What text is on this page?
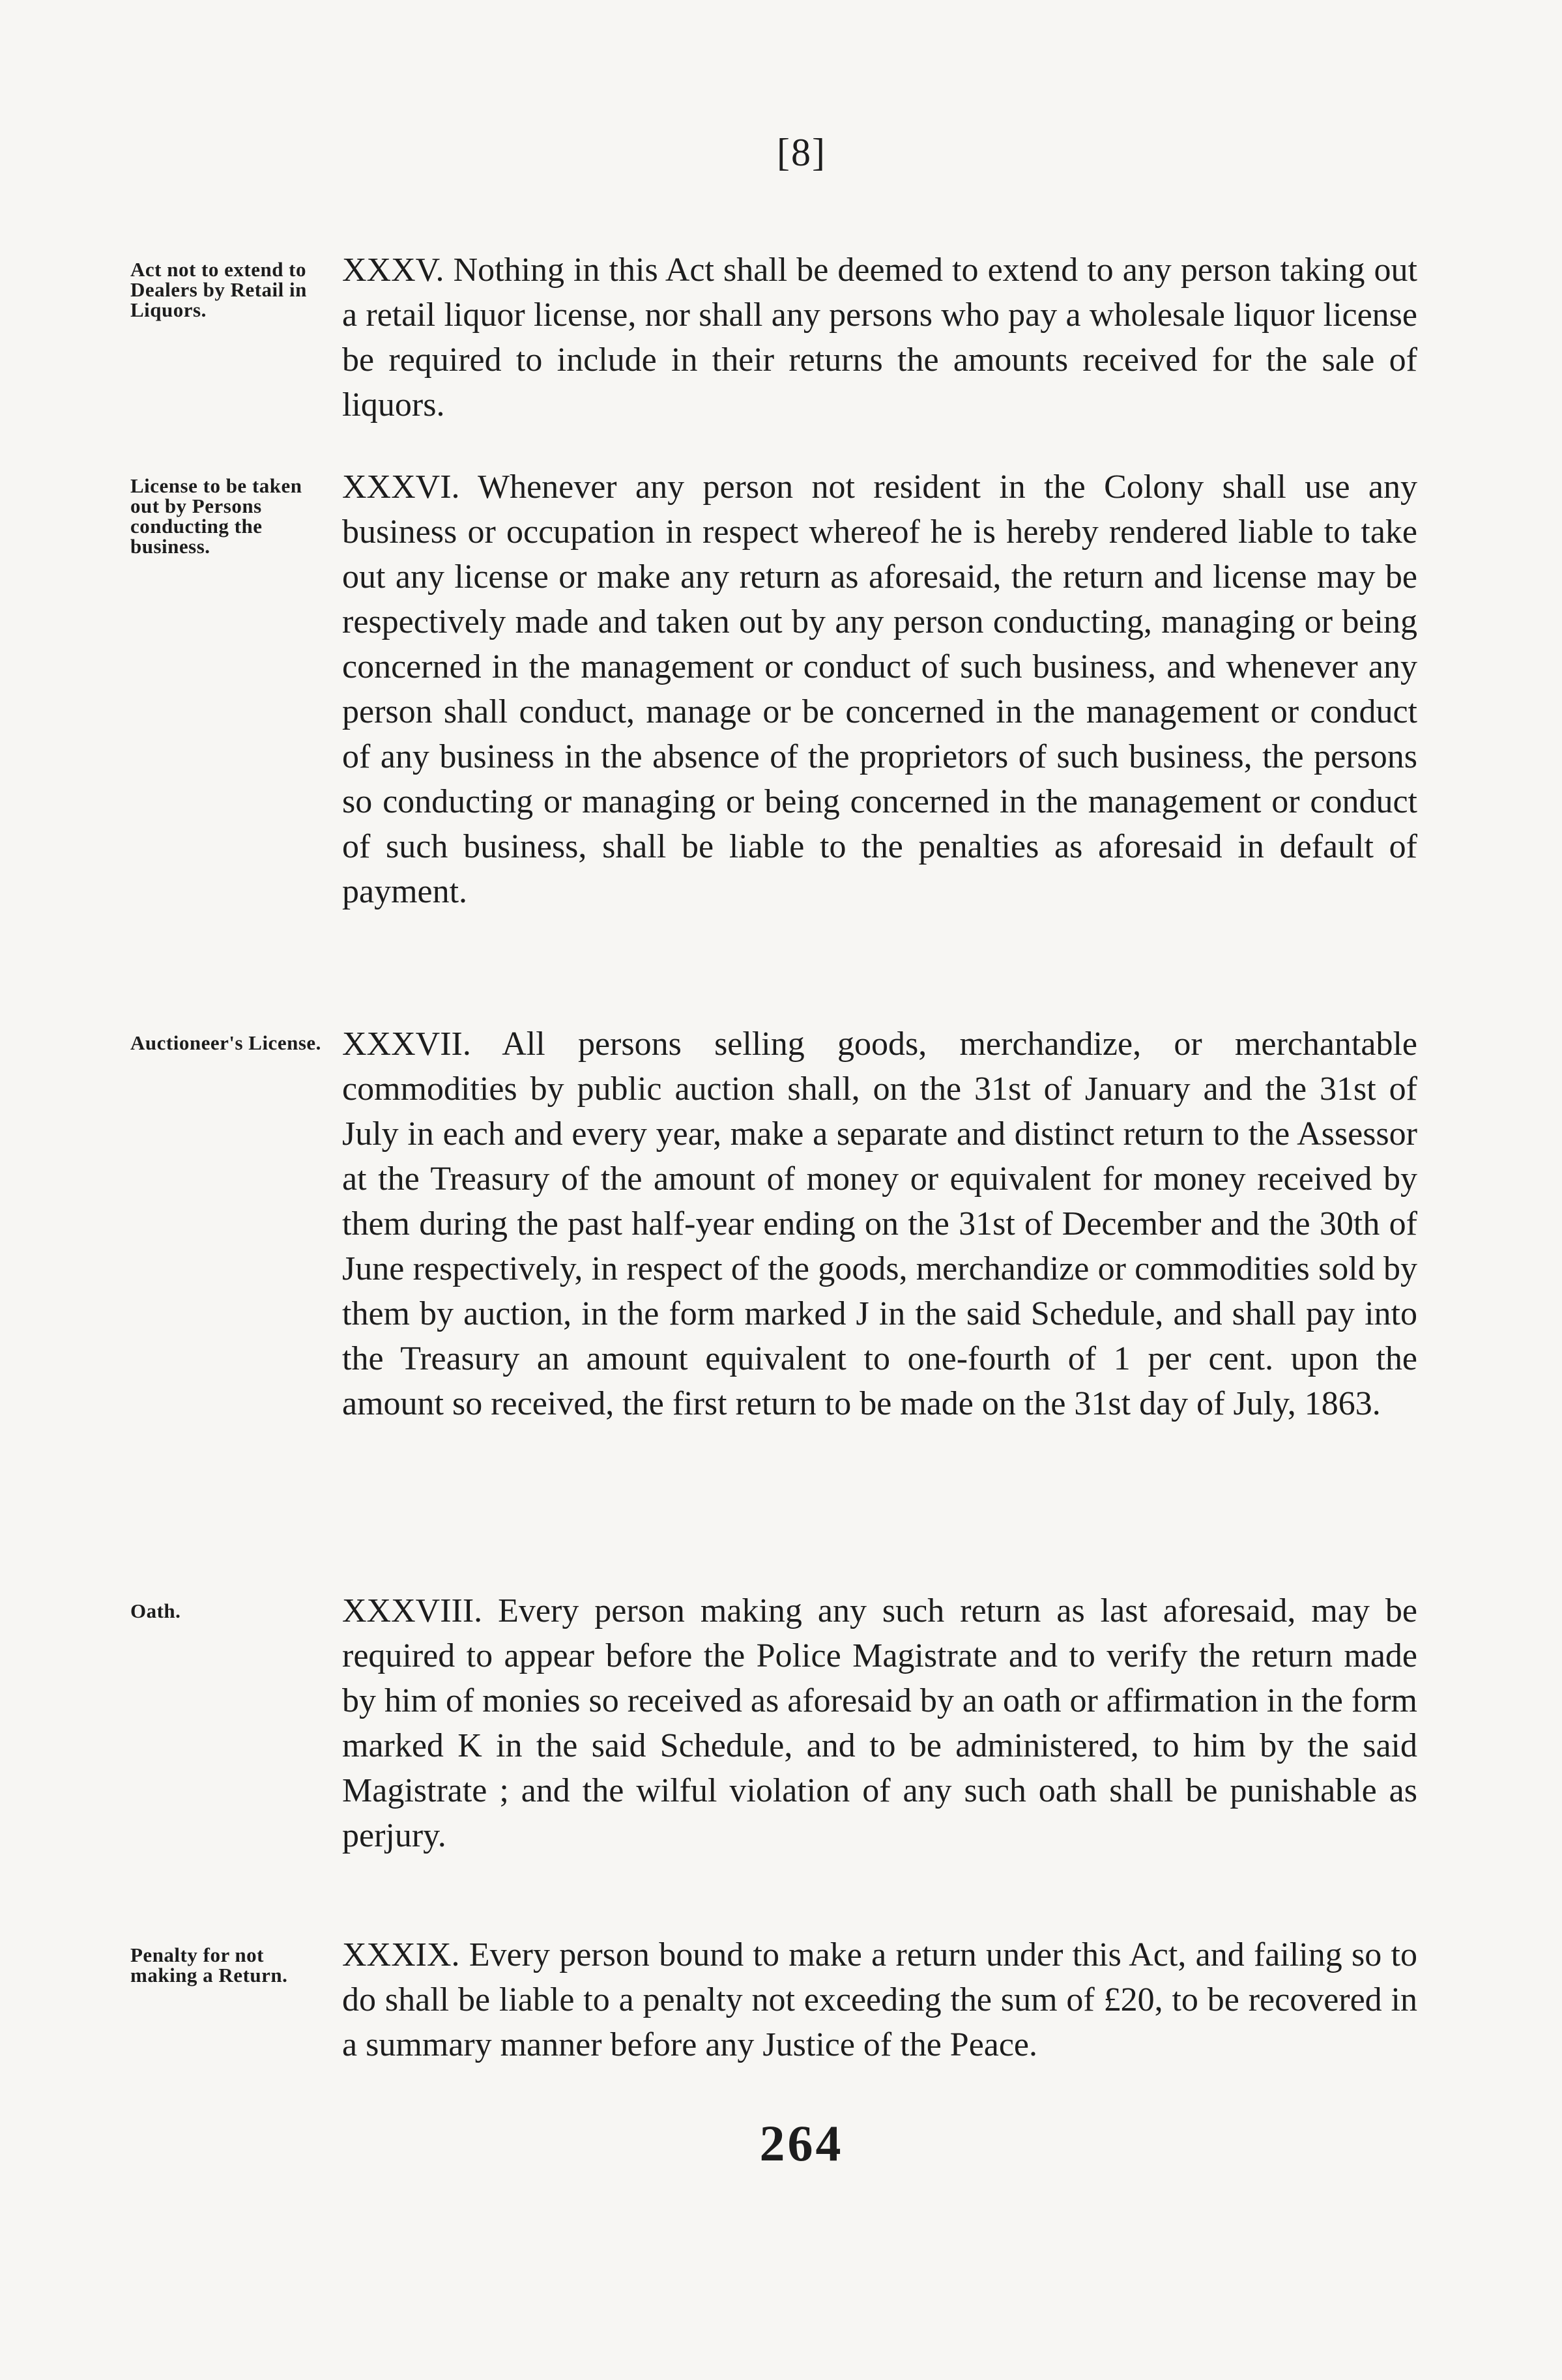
[8]
Act not to extend to Dealers by Retail in Liquors.

XXXV. Nothing in this Act shall be deemed to extend to any person taking out a retail liquor license, nor shall any persons who pay a wholesale liquor license be required to include in their returns the amounts received for the sale of liquors.

License to be taken out by Persons conducting the business.

XXXVI. Whenever any person not resident in the Colony shall use any business or occupation in respect whereof he is hereby rendered liable to take out any license or make any return as aforesaid, the return and license may be respectively made and taken out by any person conducting, managing or being concerned in the management or conduct of such business, and whenever any person shall conduct, manage or be concerned in the management or conduct of any business in the absence of the proprietors of such business, the persons so conducting or managing or being concerned in the management or conduct of such business, shall be liable to the penalties as aforesaid in default of payment.

Auctioneer's License. XXXVII. All persons selling goods, merchandize, or merchantable commodities by public auction shall, on the 31st of January and the 31st of July in each and every year, make a separate and distinct return to the Assessor at the Treasury of the amount of money or equivalent for money received by them during the past half-year ending on the 31st of December and the 30th of June respectively, in respect of the goods, merchandize or commodities sold by them by auction, in the form marked J in the said Schedule, and shall pay into the Treasury an amount equivalent to one-fourth of 1 per cent. upon the amount so received, the first return to be made on the 31st day of July, 1863.

Oath.	XXXVIII. Every person making any such return as last aforesaid, may be required to appear before the Police Magistrate and to verify the return made by him of monies so received as aforesaid by an oath or affirmation in the form marked K in the said Schedule, and to be administered, to him by the said Magistrate ; and the wilful violation of any such oath shall be punishable as perjury.

Penalty for not making a Return.

XXXIX. Every person bound to make a return under this Act, and failing so to do shall be liable to a penalty not exceeding the sum of £20, to be recovered in a summary manner before any Justice of the Peace.

264
